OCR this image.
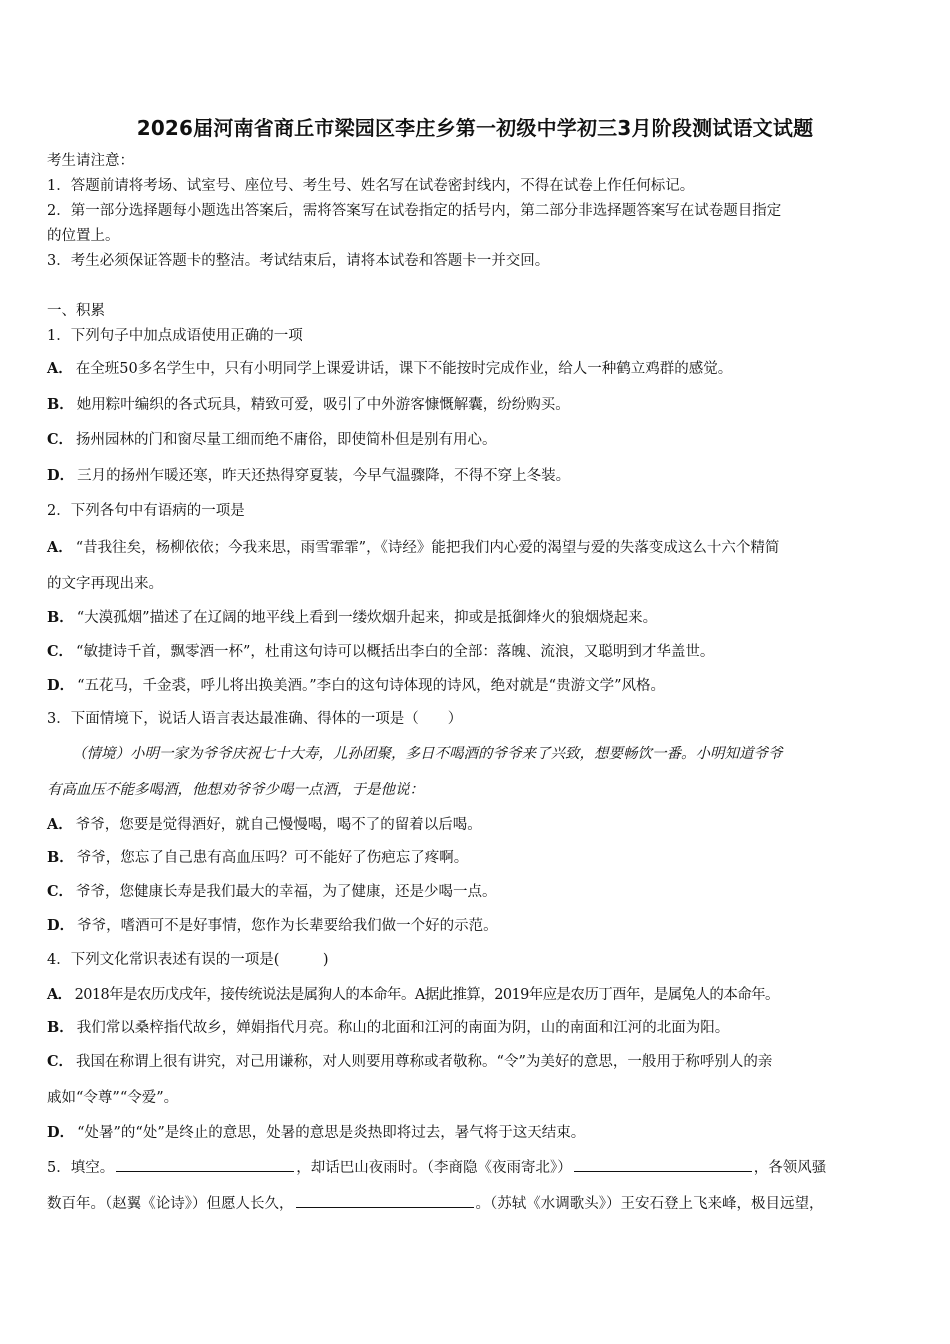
2026届河南省商丘市梁园区李庄乡第一初级中学初三3月阶段测试语文试题
考生请注意：
1．答题前请将考场、试室号、座位号、考生号、姓名写在试卷密封线内，不得在试卷上作任何标记。
2．第一部分选择题每小题选出答案后，需将答案写在试卷指定的括号内，第二部分非选择题答案写在试卷题目指定
的位置上。
3．考生必须保证答题卡的整洁。考试结束后，请将本试卷和答题卡一并交回。
一、积累
1．下列句子中加点成语使用正确的一项
A． 在全班50多名学生中，只有小明同学上课爱讲话，课下不能按时完成作业，给人一种鹤立鸡群的感觉。
B． 她用粽叶编织的各式玩具，精致可爱，吸引了中外游客慷慨解囊，纷纷购买。
C． 扬州园林的门和窗尽量工细而绝不庸俗，即使简朴但是别有用心。
D． 三月的扬州乍暖还寒，昨天还热得穿夏装，今早气温骤降，不得不穿上冬装。
2．下列各句中有语病的一项是
A． “昔我往矣，杨柳依依；今我来思，雨雪霏霏”，《诗经》能把我们内心爱的渴望与爱的失落变成这么十六个精简
的文字再现出来。
B． “大漠孤烟”描述了在辽阔的地平线上看到一缕炊烟升起来，抑或是抵御烽火的狼烟烧起来。
C． “敏捷诗千首，飘零酒一杯”，杜甫这句诗可以概括出李白的全部：落魄、流浪，又聪明到才华盖世。
D． “五花马，千金裘，呼儿将出换美酒。”李白的这句诗体现的诗风，绝对就是“贵游文学”风格。
3．下面情境下，说话人语言表达最准确、得体的一项是（　　）
（情境）小明一家为爷爷庆祝七十大寿，儿孙团聚，多日不喝酒的爷爷来了兴致，想要畅饮一番。小明知道爷爷
有高血压不能多喝酒，他想劝爷爷少喝一点酒，于是他说：
A． 爷爷，您要是觉得酒好，就自己慢慢喝，喝不了的留着以后喝。
B． 爷爷，您忘了自己患有高血压吗？可不能好了伤疤忘了疼啊。
C． 爷爷，您健康长寿是我们最大的幸福，为了健康，还是少喝一点。
D． 爷爷，嗜酒可不是好事情，您作为长辈要给我们做一个好的示范。
4．下列文化常识表述有误的一项是(　　　)
A． 2018年是农历戊戌年，接传统说法是属狗人的本命年。A据此推算，2019年应是农历丁酉年，是属兔人的本命年。
B． 我们常以桑梓指代故乡，婵娟指代月亮。称山的北面和江河的南面为阴，山的南面和江河的北面为阳。
C． 我国在称谓上很有讲究，对己用谦称，对人则要用尊称或者敬称。“令”为美好的意思，一般用于称呼别人的亲
戚如“令尊”“令爱”。
D． “处暑”的“处”是终止的意思，处暑的意思是炎热即将过去，暑气将于这天结束。
5．填空。	，却话巴山夜雨时。（李商隐《夜雨寄北》）	，各领风骚
数百年。（赵翼《论诗》）但愿人长久，	。（苏轼《水调歌头》）王安石登上飞来峰，极目远望，
